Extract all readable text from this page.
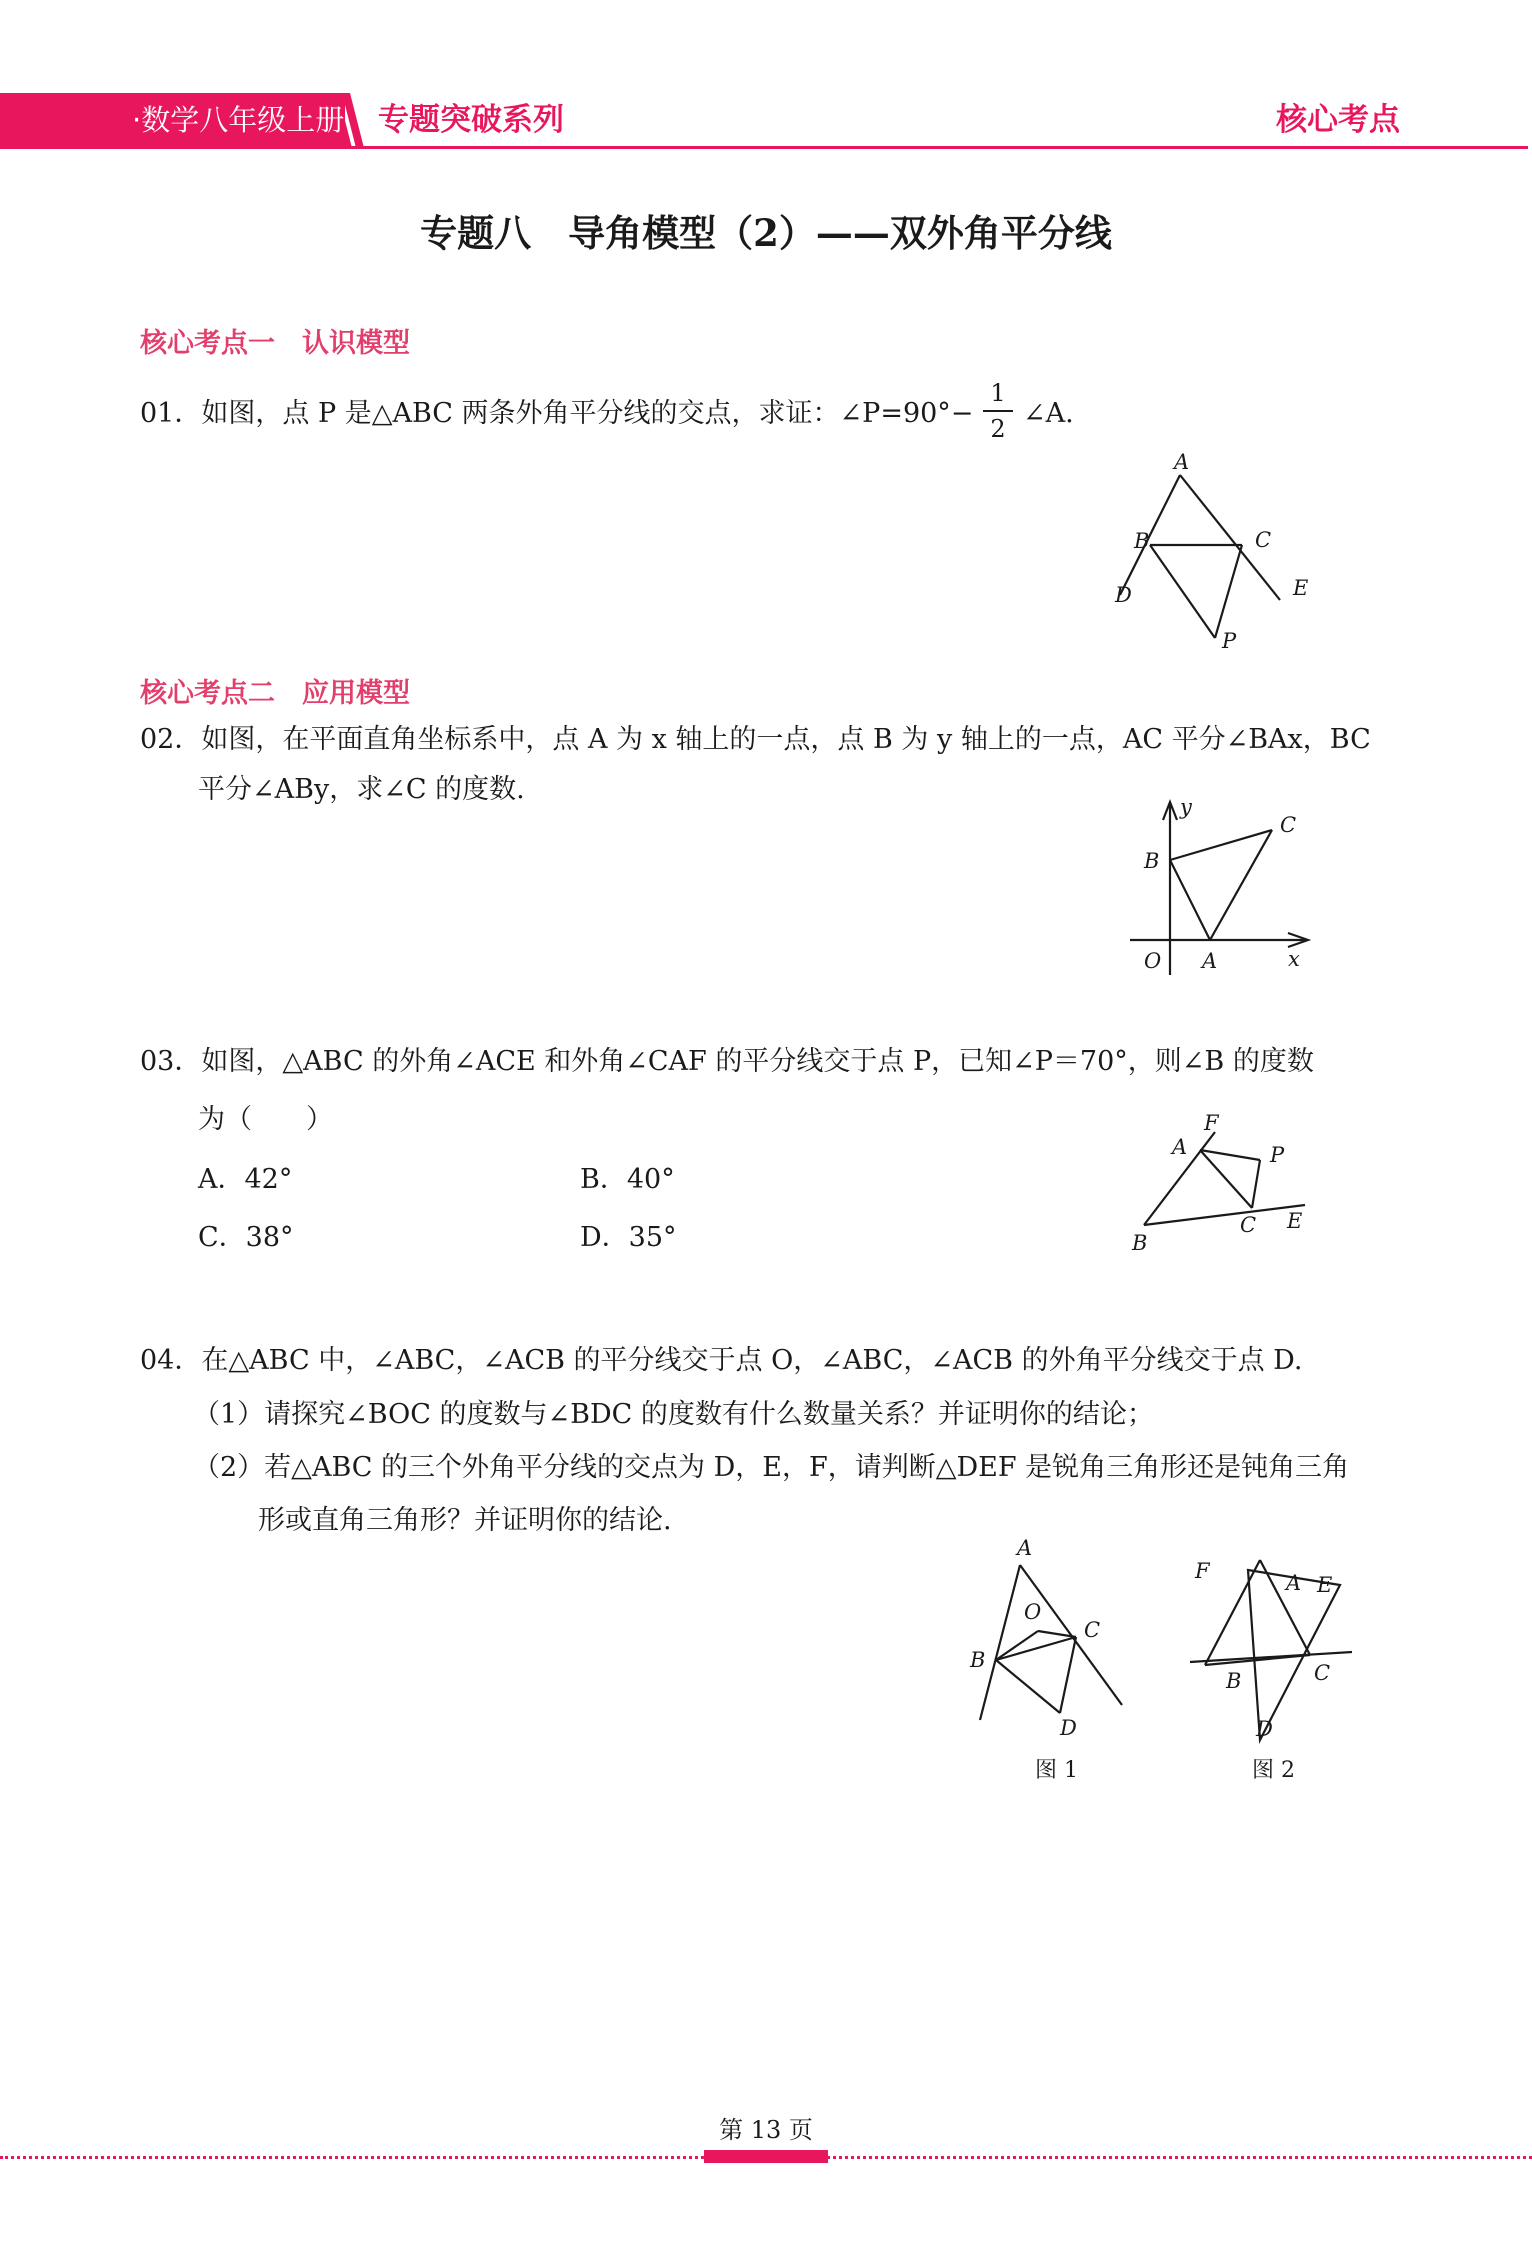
·数学八年级上册 专题突破系列	核心考点
专题八　导角模型（2）——双外角平分线
核心考点一　认识模型
01．如图，点 P 是△ABC 两条外角平分线的交点，求证：∠P=90°−
1
2 ∠A.
A
B	C
D	E
P
核心考点二　应用模型
02．如图，在平面直角坐标系中，点 A 为 x 轴上的一点，点 B 为 y 轴上的一点，AC 平分∠BAx，BC
平分∠ABy，求∠C 的度数.
y
C
B
O A	x
03．如图，△ABC 的外角∠ACE 和外角∠CAF 的平分线交于点 P，已知∠P＝70°，则∠B 的度数
为（　　）
A．42°	B．40°
C．38°	D．35°
F
A	P
C E
B
04．在△ABC 中，∠ABC，∠ACB 的平分线交于点 O，∠ABC，∠ACB 的外角平分线交于点 D.
（1）请探究∠BOC 的度数与∠BDC 的度数有什么数量关系？并证明你的结论；
（2）若△ABC 的三个外角平分线的交点为 D，E，F，请判断△DEF 是锐角三角形还是钝角三角
形或直角三角形？并证明你的结论.
A
O
C
B
D
图 1
F	A E
B	C
D
图 2
第 13 页
